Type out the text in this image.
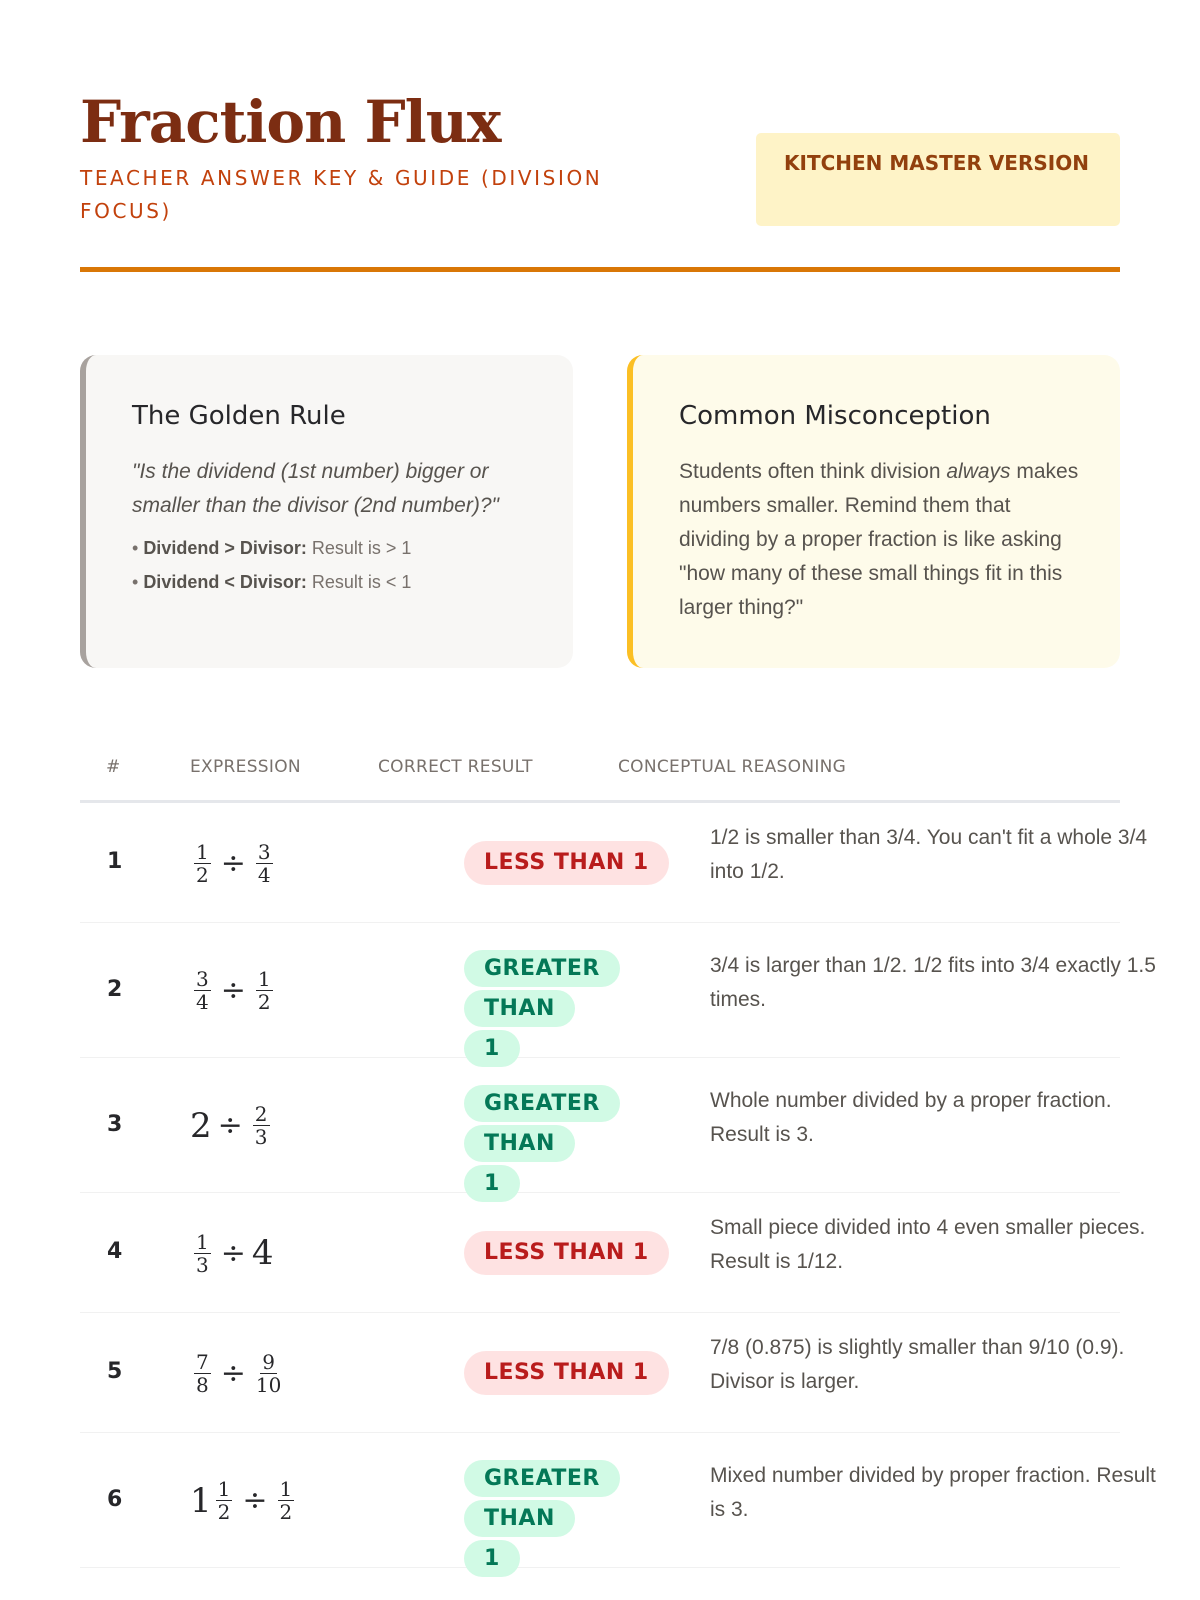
Fraction Flux
TEACHER ANSWER KEY & GUIDE (DIVISION FOCUS)
KITCHEN MASTER VERSION
The Golden Rule
"Is the dividend (1st number) bigger or smaller than the divisor (2nd number)?"
• Dividend > Divisor: Result is > 1
• Dividend < Divisor: Result is < 1
Common Misconception

Students often think division always makes numbers smaller. Remind them that dividing by a proper fraction is like asking "how many of these small things fit in this larger thing?"

#	EXPRESSION	CORRECT RESULT	CONCEPTUAL REASONING
1	$\frac{1}{2} \div \frac{3}{4}$	LESS THAN 1
1/2 is smaller than 3/4. You can't fit a whole 3/4 into 1/2.
2	$\frac{3}{4} \div \frac{1}{2}$	GREATER THAN 1
3/4 is larger than 1/2. 1/2 fits into 3/4 exactly 1.5 times.
3 $2 \div \frac{2}{3}$	GREATER THAN 1
Whole number divided by a proper fraction. Result is 3.
4	$\frac{1}{3} \div 4$	LESS THAN 1
Small piece divided into 4 even smaller pieces. Result is 1/12.
5	$\frac{7}{8} \div \frac{9}{10}$	LESS THAN 1
7/8 (0.875) is slightly smaller than 9/10 (0.9). Divisor is larger.
6 $1 \frac{1}{2} \div \frac{1}{2}$	GREATER THAN 1
Mixed number divided by proper fraction. Result is 3.
